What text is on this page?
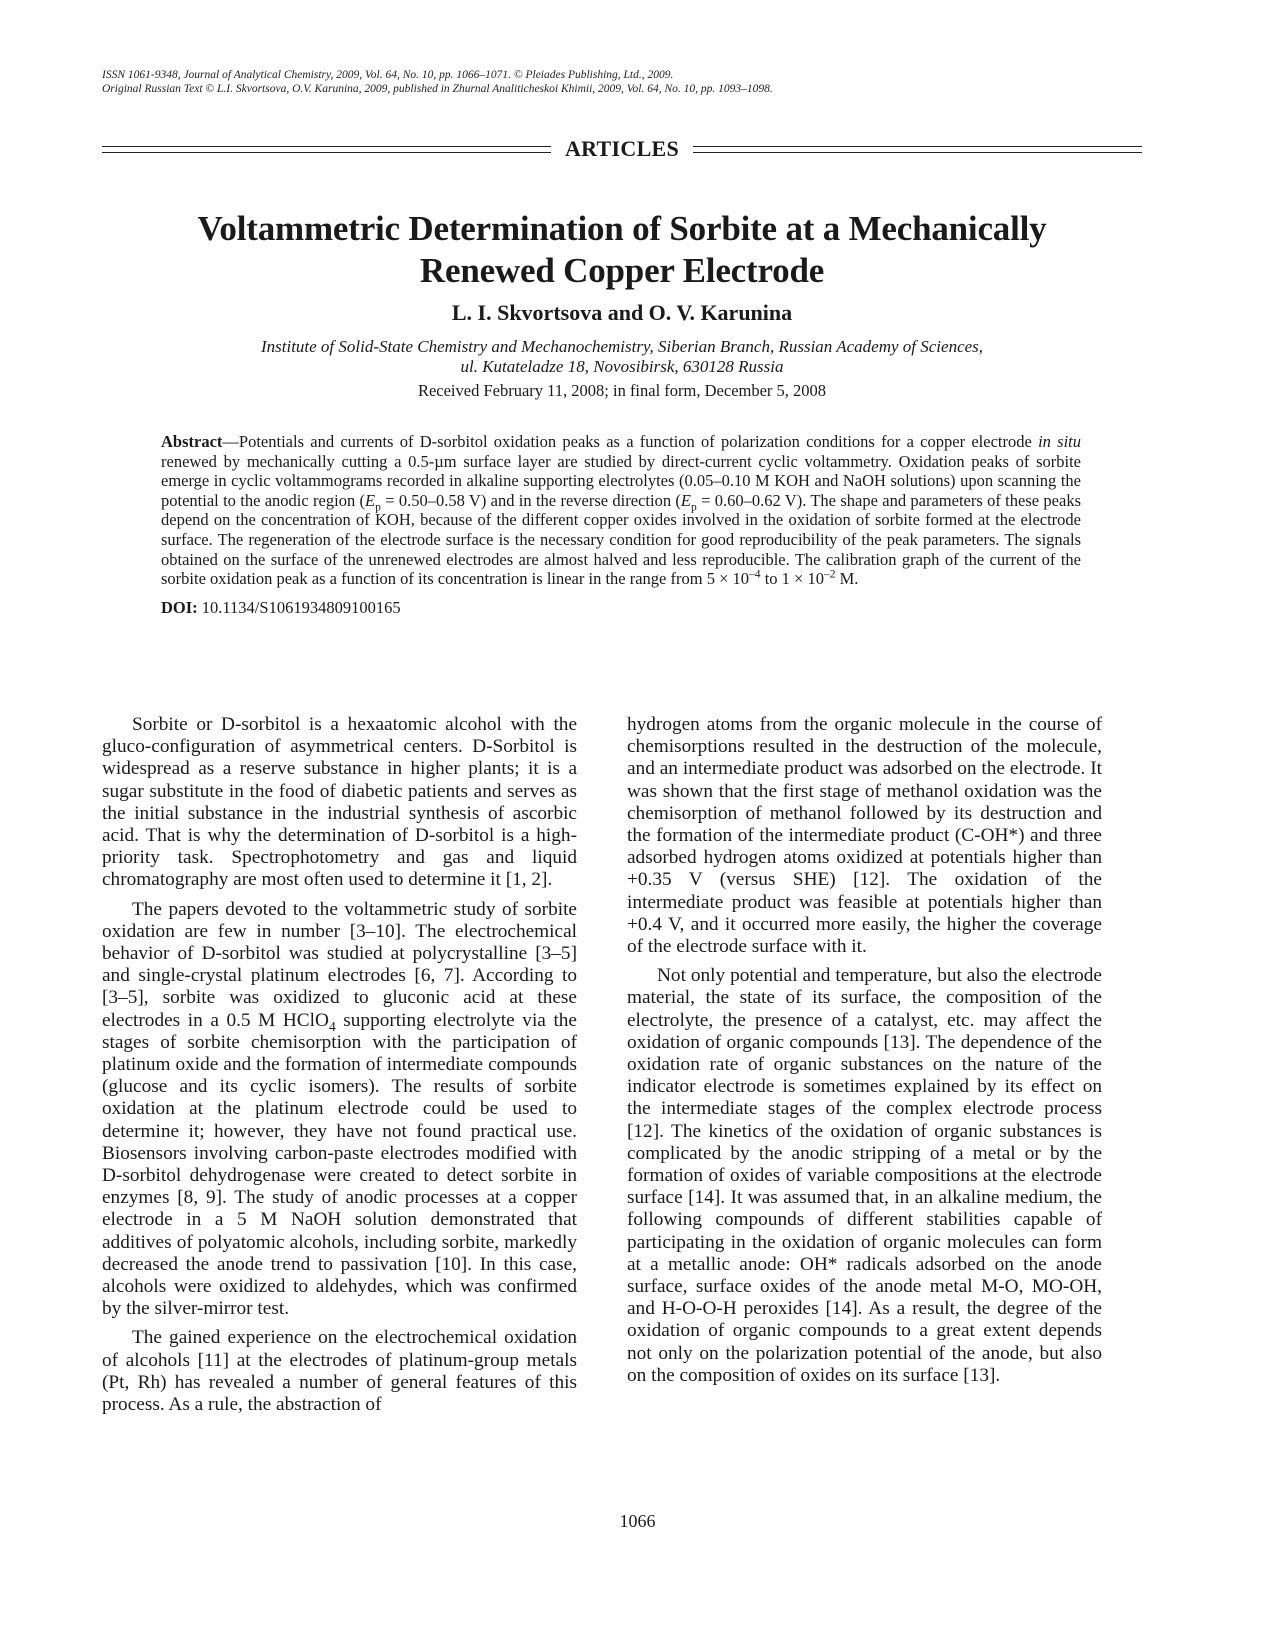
ISSN 1061-9348, Journal of Analytical Chemistry, 2009, Vol. 64, No. 10, pp. 1066–1071. © Pleiades Publishing, Ltd., 2009.
Original Russian Text © L.I. Skvortsova, O.V. Karunina, 2009, published in Zhurnal Analiticheskoi Khimii, 2009, Vol. 64, No. 10, pp. 1093–1098.
ARTICLES
Voltammetric Determination of Sorbite at a Mechanically
Renewed Copper Electrode
L. I. Skvortsova and O. V. Karunina
Institute of Solid-State Chemistry and Mechanochemistry, Siberian Branch, Russian Academy of Sciences,
ul. Kutateladze 18, Novosibirsk, 630128 Russia
Received February 11, 2008; in final form, December 5, 2008
Abstract—Potentials and currents of D-sorbitol oxidation peaks as a function of polarization conditions for a copper electrode in situ renewed by mechanically cutting a 0.5-µm surface layer are studied by direct-current cyclic voltammetry. Oxidation peaks of sorbite emerge in cyclic voltammograms recorded in alkaline supporting electrolytes (0.05–0.10 M KOH and NaOH solutions) upon scanning the potential to the anodic region ($E_p = 0.50-0.58$ V) and in the reverse direction ($E_p = 0.60-0.62$ V). The shape and parameters of these peaks depend on the concentration of KOH, because of the different copper oxides involved in the oxidation of sorbite formed at the electrode surface. The regeneration of the electrode surface is the necessary condition for good reproducibility of the peak parameters. The signals obtained on the surface of the unrenewed electrodes are almost halved and less reproducible. The calibration graph of the current of the sorbite oxidation peak as a function of its concentration is linear in the range from $5 \times 10^{-4}$ to $1 \times 10^{-2}$ M.
DOI: 10.1134/S1061934809100165

Sorbite or D-sorbitol is a hexaatomic alcohol with the gluco-configuration of asymmetrical centers. D-Sorbitol is widespread as a reserve substance in higher plants; it is a sugar substitute in the food of diabetic patients and serves as the initial substance in the industrial synthesis of ascorbic acid. That is why the determination of D-sorbitol is a high-priority task. Spectrophotometry and gas and liquid chromatography are most often used to determine it [1, 2].

The papers devoted to the voltammetric study of sorbite oxidation are few in number [3–10]. The electrochemical behavior of D-sorbitol was studied at polycrystalline [3–5] and single-crystal platinum electrodes [6, 7]. According to [3–5], sorbite was oxidized to gluconic acid at these electrodes in a 0.5 M HClO$_4$ supporting electrolyte via the stages of sorbite chemisorption with the participation of platinum oxide and the formation of intermediate compounds (glucose and its cyclic isomers). The results of sorbite oxidation at the platinum electrode could be used to determine it; however, they have not found practical use. Biosensors involving carbon-paste electrodes modified with D-sorbitol dehydrogenase were created to detect sorbite in enzymes [8, 9]. The study of anodic processes at a copper electrode in a 5 M NaOH solution demonstrated that additives of polyatomic alcohols, including sorbite, markedly decreased the anode trend to passivation [10]. In this case, alcohols were oxidized to aldehydes, which was confirmed by the silver-mirror test.

The gained experience on the electrochemical oxidation of alcohols [11] at the electrodes of platinum-group metals (Pt, Rh) has revealed a number of general features of this process. As a rule, the abstraction of

hydrogen atoms from the organic molecule in the course of chemisorptions resulted in the destruction of the molecule, and an intermediate product was adsorbed on the electrode. It was shown that the first stage of methanol oxidation was the chemisorption of methanol followed by its destruction and the formation of the intermediate product (C-OH*) and three adsorbed hydrogen atoms oxidized at potentials higher than +0.35 V (versus SHE) [12]. The oxidation of the intermediate product was feasible at potentials higher than +0.4 V, and it occurred more easily, the higher the coverage of the electrode surface with it.

Not only potential and temperature, but also the electrode material, the state of its surface, the composition of the electrolyte, the presence of a catalyst, etc. may affect the oxidation of organic compounds [13]. The dependence of the oxidation rate of organic substances on the nature of the indicator electrode is sometimes explained by its effect on the intermediate stages of the complex electrode process [12]. The kinetics of the oxidation of organic substances is complicated by the anodic stripping of a metal or by the formation of oxides of variable compositions at the electrode surface [14]. It was assumed that, in an alkaline medium, the following compounds of different stabilities capable of participating in the oxidation of organic molecules can form at a metallic anode: OH* radicals adsorbed on the anode surface, surface oxides of the anode metal M-O, MO-OH, and H-O-O-H peroxides [14]. As a result, the degree of the oxidation of organic compounds to a great extent depends not only on the polarization potential of the anode, but also on the composition of oxides on its surface [13].

1066
